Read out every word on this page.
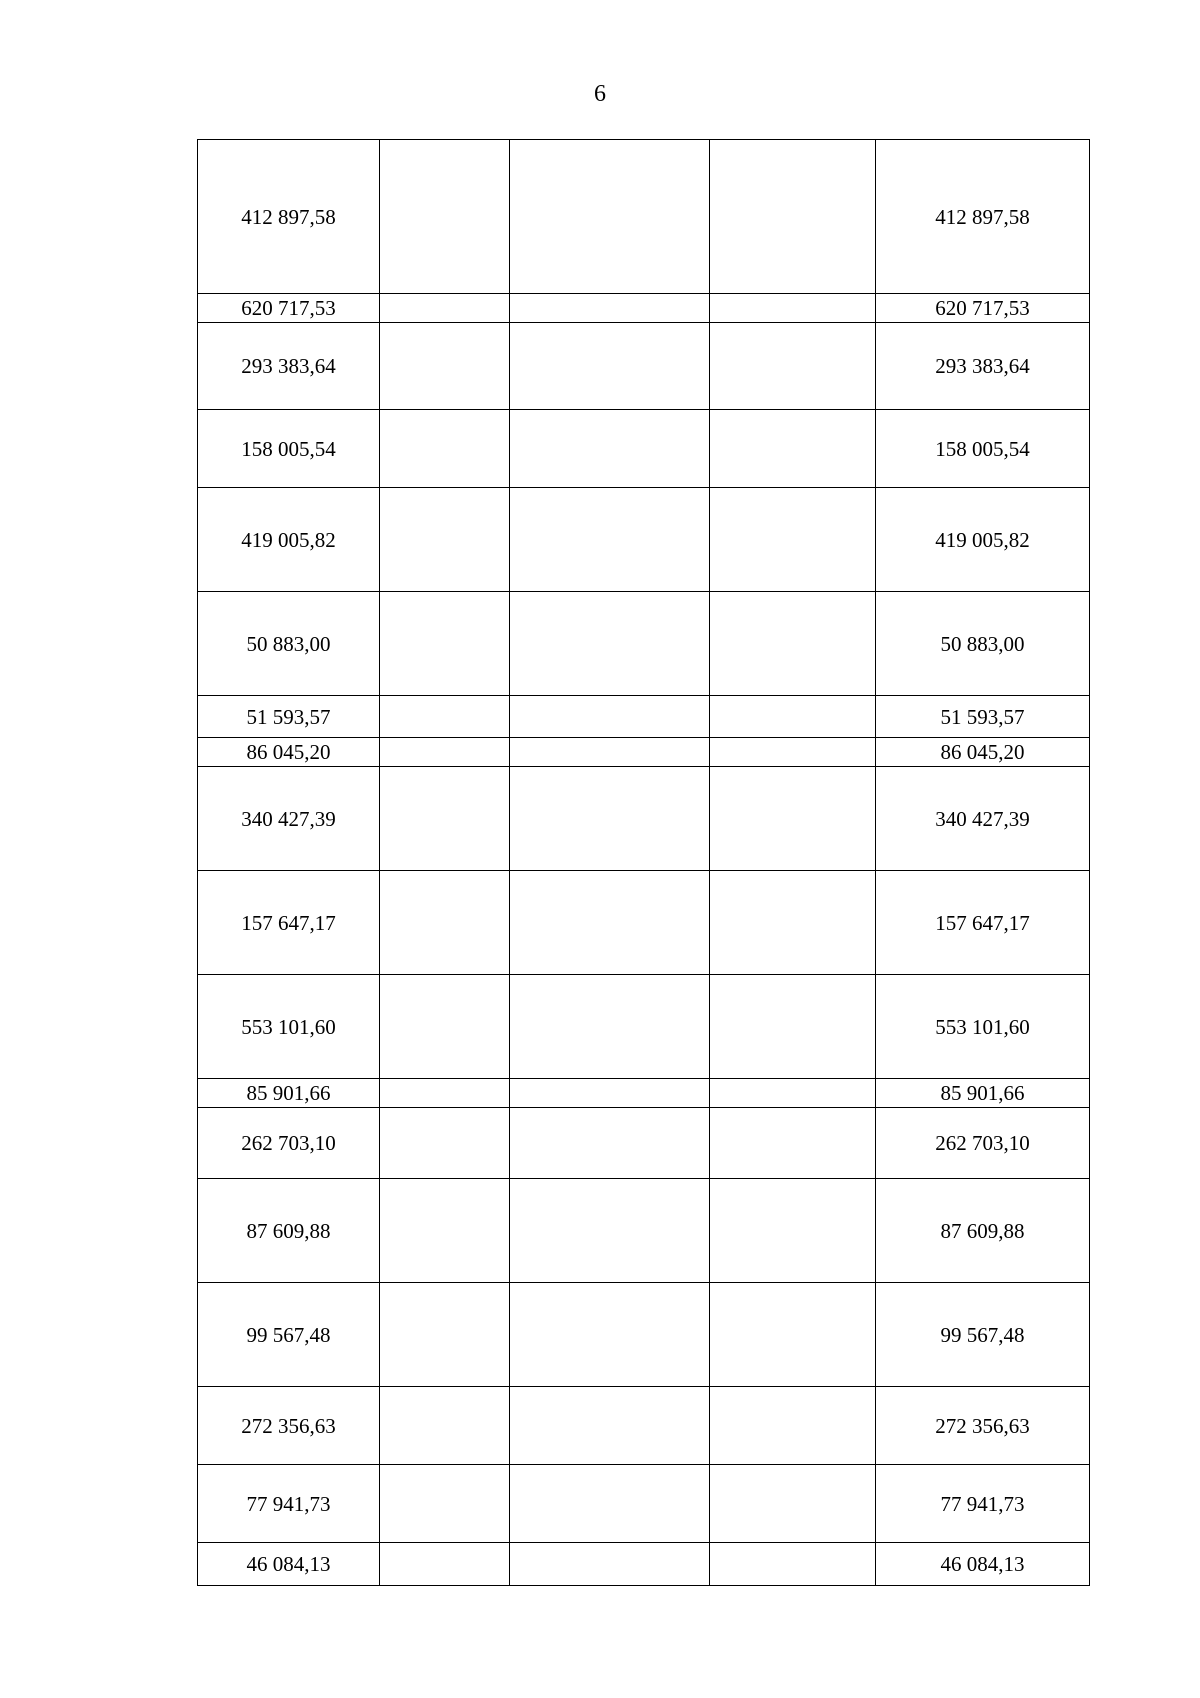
6
412 897,58				412 897,58
620 717,53				620 717,53
293 383,64				293 383,64
158 005,54				158 005,54
419 005,82				419 005,82
50 883,00				50 883,00
51 593,57				51 593,57
86 045,20				86 045,20
340 427,39				340 427,39
157 647,17				157 647,17
553 101,60				553 101,60
85 901,66				85 901,66
262 703,10				262 703,10
87 609,88				87 609,88
99 567,48				99 567,48
272 356,63				272 356,63
77 941,73				77 941,73
46 084,13				46 084,13
